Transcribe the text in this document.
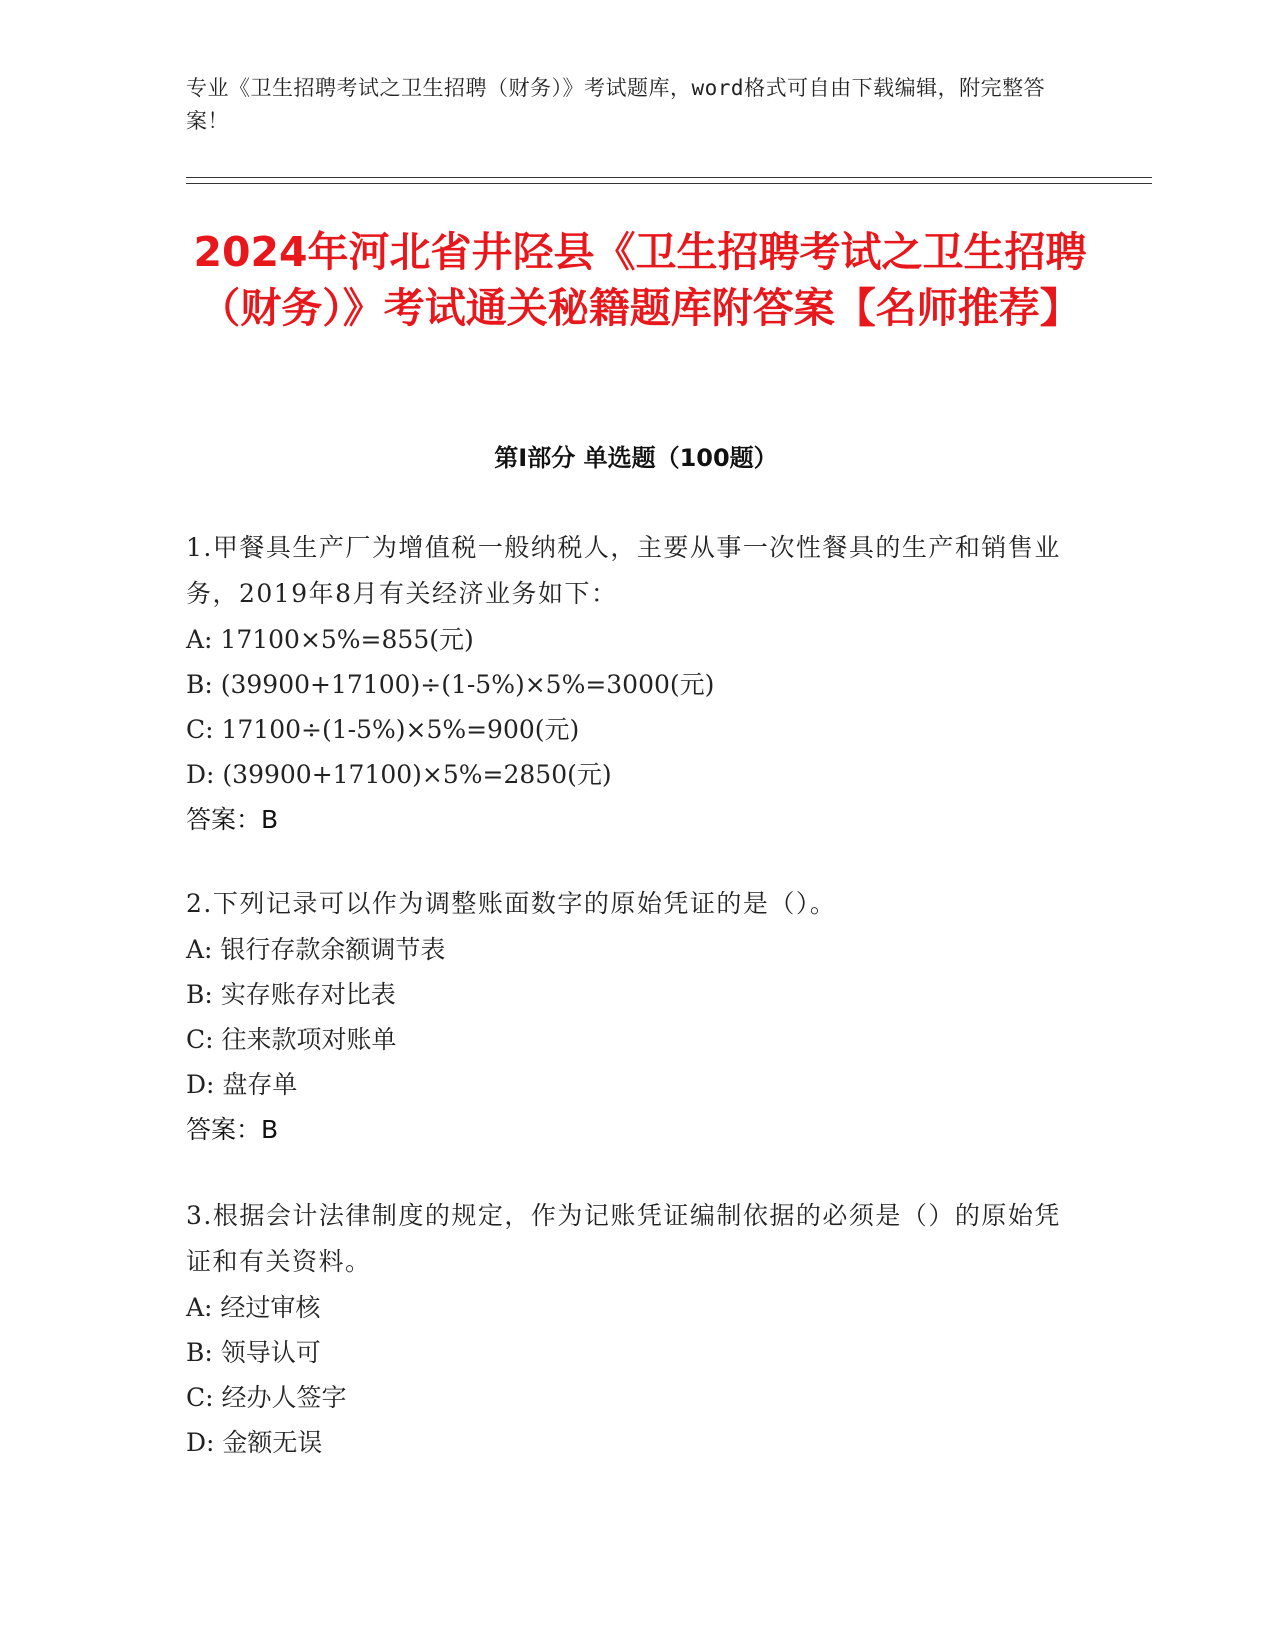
专业《卫生招聘考试之卫生招聘（财务）》考试题库，word格式可自由下载编辑，附完整答案！
2024年河北省井陉县《卫生招聘考试之卫生招聘（财务）》考试通关秘籍题库附答案【名师推荐】
第I部分 单选题（100题）
1.甲餐具生产厂为增值税一般纳税人，主要从事一次性餐具的生产和销售业务，2019年8月有关经济业务如下：
A: 17100×5%=855(元)
B: (39900+17100)÷(1-5%)×5%=3000(元)
C: 17100÷(1-5%)×5%=900(元)
D: (39900+17100)×5%=2850(元)
答案：B
2.下列记录可以作为调整账面数字的原始凭证的是（）。
A: 银行存款余额调节表
B: 实存账存对比表
C: 往来款项对账单
D: 盘存单
答案：B
3.根据会计法律制度的规定，作为记账凭证编制依据的必须是（）的原始凭证和有关资料。
A: 经过审核
B: 领导认可
C: 经办人签字
D: 金额无误
